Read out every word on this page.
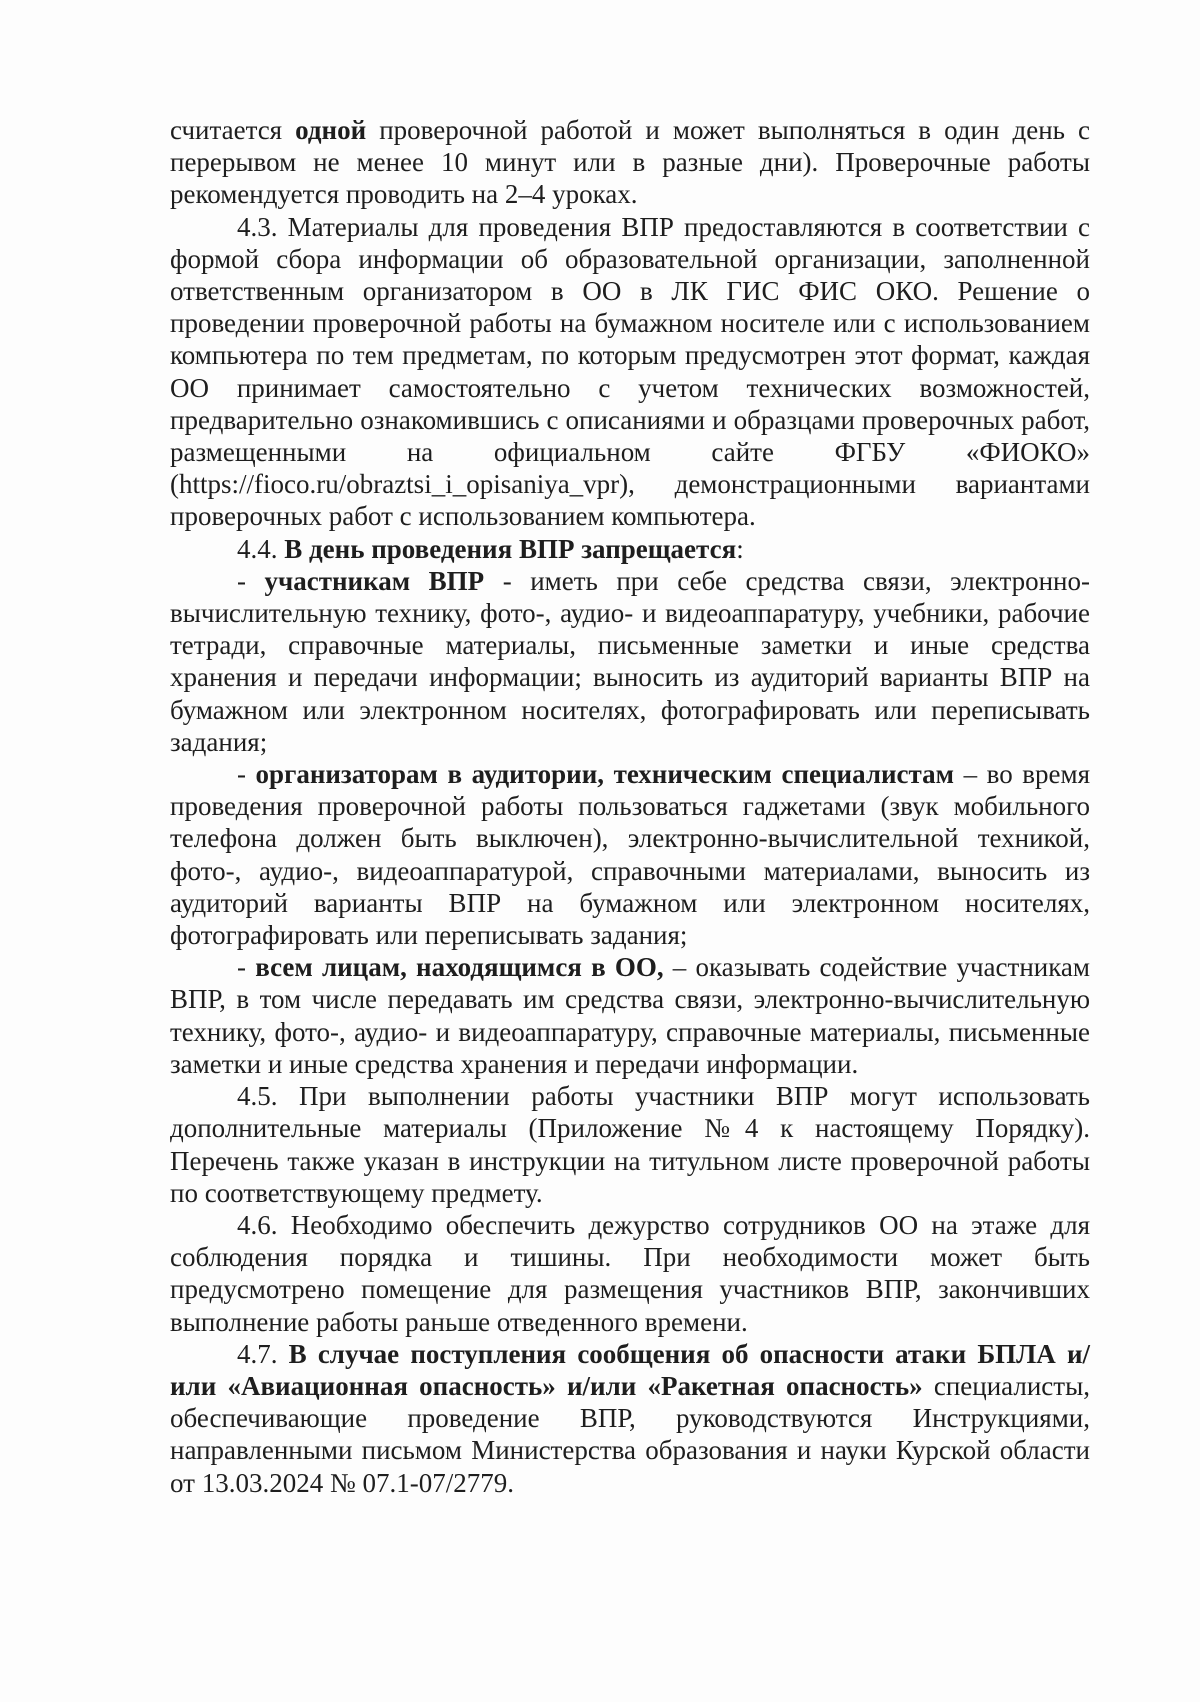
считается одной проверочной работой и может выполняться в один день с перерывом не менее 10 минут или в разные дни). Проверочные работы рекомендуется проводить на 2–4 уроках.

4.3. Материалы для проведения ВПР предоставляются в соответствии с формой сбора информации об образовательной организации, заполненной ответственным организатором в ОО в ЛК ГИС ФИС ОКО. Решение о проведении проверочной работы на бумажном носителе или с использованием компьютера по тем предметам, по которым предусмотрен этот формат, каждая ОО принимает самостоятельно с учетом технических возможностей, предварительно ознакомившись с описаниями и образцами проверочных работ, размещенными на официальном сайте ФГБУ «ФИОКО» (https://fioco.ru/obraztsi_i_opisaniya_vpr), демонстрационными вариантами проверочных работ с использованием компьютера.

4.4. В день проведения ВПР запрещается:

- участникам ВПР - иметь при себе средства связи, электронно-вычислительную технику, фото-, аудио- и видеоаппаратуру, учебники, рабочие тетради, справочные материалы, письменные заметки и иные средства хранения и передачи информации; выносить из аудиторий варианты ВПР на бумажном или электронном носителях, фотографировать или переписывать задания;

- организаторам в аудитории, техническим специалистам – во время проведения проверочной работы пользоваться гаджетами (звук мобильного телефона должен быть выключен), электронно-вычислительной техникой, фото-, аудио-, видеоаппаратурой, справочными материалами, выносить из аудиторий варианты ВПР на бумажном или электронном носителях, фотографировать или переписывать задания;

- всем лицам, находящимся в ОО, – оказывать содействие участникам ВПР, в том числе передавать им средства связи, электронно-вычислительную технику, фото-, аудио- и видеоаппаратуру, справочные материалы, письменные заметки и иные средства хранения и передачи информации.

4.5. При выполнении работы участники ВПР могут использовать дополнительные материалы (Приложение №4 к настоящему Порядку). Перечень также указан в инструкции на титульном листе проверочной работы по соответствующему предмету.

4.6. Необходимо обеспечить дежурство сотрудников ОО на этаже для соблюдения порядка и тишины. При необходимости может быть предусмотрено помещение для размещения участников ВПР, закончивших выполнение работы раньше отведенного времени.

4.7. В случае поступления сообщения об опасности атаки БПЛА и/или «Авиационная опасность» и/или «Ракетная опасность» специалисты, обеспечивающие проведение ВПР, руководствуются Инструкциями, направленными письмом Министерства образования и науки Курской области от 13.03.2024 № 07.1-07/2779.
